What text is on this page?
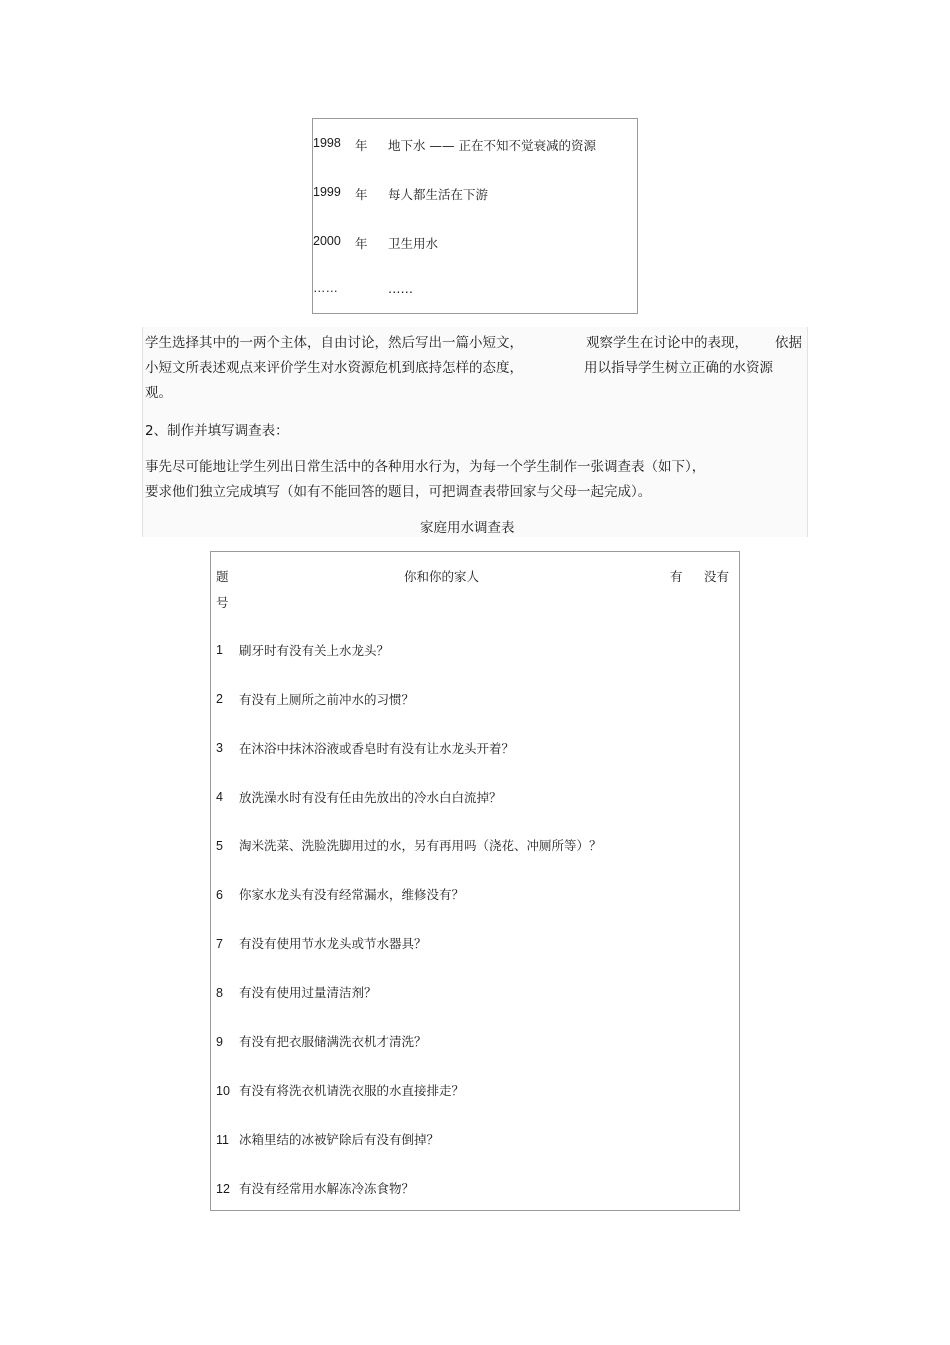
1998 年 地下水 —— 正在不知不觉衰减的资源
1999 年 每人都生活在下游
2000 年 卫生用水
……	……
学生选择其中的一两个主体，自由讨论，然后写出一篇小短文，	观察学生在讨论中的表现， 依据
小短文所表述观点来评价学生对水资源危机到底持怎样的态度，	用以指导学生树立正确的水资源
观。
2、制作并填写调查表：
事先尽可能地让学生列出日常生活中的各种用水行为，为每一个学生制作一张调查表（如下），
要求他们独立完成填写（如有不能回答的题目，可把调查表带回家与父母一起完成）。
家庭用水调查表
题
号
你和你的家人	有 没有
1 刷牙时有没有关上水龙头？
2 有没有上厕所之前冲水的习惯？
3 在沐浴中抹沐浴液或香皂时有没有让水龙头开着？
4 放洗澡水时有没有任由先放出的冷水白白流掉？
5 淘米洗菜、洗脸洗脚用过的水，另有再用吗（浇花、冲厕所等）？
6 你家水龙头有没有经常漏水，维修没有？
7 有没有使用节水龙头或节水器具？
8 有没有使用过量清洁剂？
9 有没有把衣服储满洗衣机才清洗？
10 有没有将洗衣机请洗衣服的水直接排走？
11 冰箱里结的冰被铲除后有没有倒掉？
12 有没有经常用水解冻冷冻食物？
